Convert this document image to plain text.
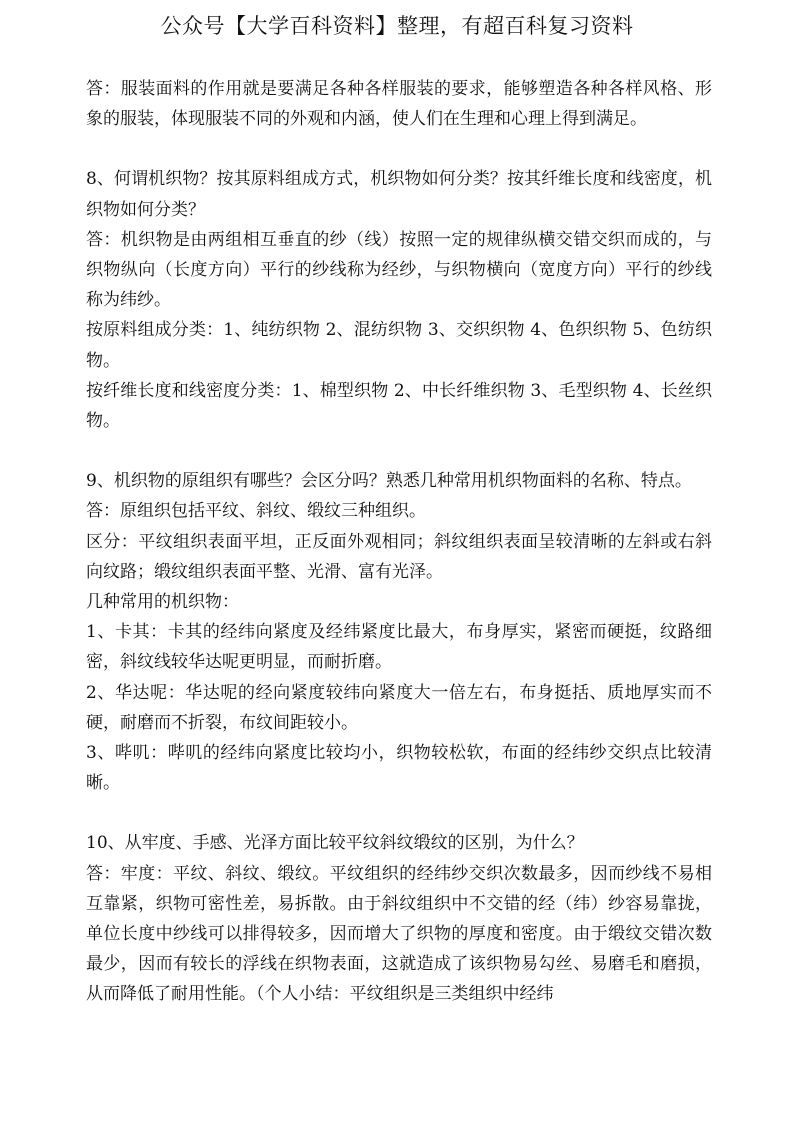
公众号【大学百科资料】整理，有超百科复习资料

答：服装面料的作用就是要满足各种各样服装的要求，能够塑造各种各样风格、形象的服装，体现服装不同的外观和内涵，使人们在生理和心理上得到满足。

8、何谓机织物？按其原料组成方式，机织物如何分类？按其纤维长度和线密度，机织物如何分类？

答：机织物是由两组相互垂直的纱（线）按照一定的规律纵横交错交织而成的，与织物纵向（长度方向）平行的纱线称为经纱，与织物横向（宽度方向）平行的纱线称为纬纱。

按原料组成分类：1、纯纺织物 2、混纺织物 3、交织织物 4、色织织物 5、色纺织物。

按纤维长度和线密度分类：1、棉型织物 2、中长纤维织物 3、毛型织物 4、长丝织物。

9、机织物的原组织有哪些？会区分吗？熟悉几种常用机织物面料的名称、特点。

答：原组织包括平纹、斜纹、缎纹三种组织。

区分：平纹组织表面平坦，正反面外观相同；斜纹组织表面呈较清晰的左斜或右斜向纹路；缎纹组织表面平整、光滑、富有光泽。

几种常用的机织物：

1、卡其：卡其的经纬向紧度及经纬紧度比最大，布身厚实，紧密而硬挺，纹路细密，斜纹线较华达呢更明显，而耐折磨。

2、华达呢：华达呢的经向紧度较纬向紧度大一倍左右，布身挺括、质地厚实而不硬，耐磨而不折裂，布纹间距较小。

3、哔叽：哔叽的经纬向紧度比较均小，织物较松软，布面的经纬纱交织点比较清晰。

10、从牢度、手感、光泽方面比较平纹斜纹缎纹的区别，为什么？

答：牢度：平纹、斜纹、缎纹。平纹组织的经纬纱交织次数最多，因而纱线不易相互靠紧，织物可密性差，易拆散。由于斜纹组织中不交错的经（纬）纱容易靠拢，单位长度中纱线可以排得较多，因而增大了织物的厚度和密度。由于缎纹交错次数最少，因而有较长的浮线在织物表面，这就造成了该织物易勾丝、易磨毛和磨损，从而降低了耐用性能。（个人小结：平纹组织是三类组织中经纬
